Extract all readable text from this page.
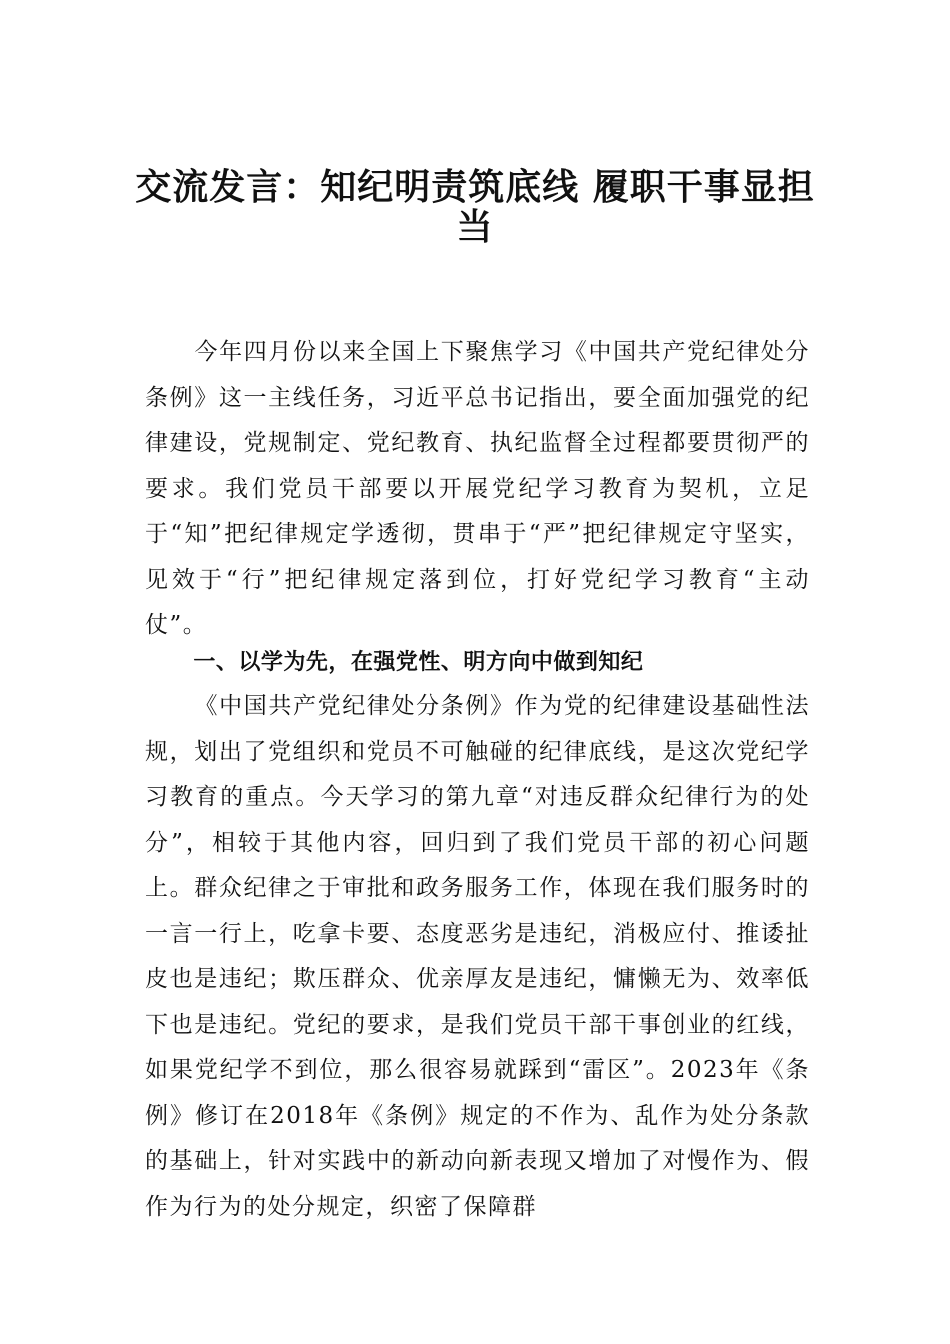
交流发言：知纪明责筑底线 履职干事显担
当

今年四月份以来全国上下聚焦学习《中国共产党纪律处分条例》这一主线任务，习近平总书记指出，要全面加强党的纪律建设，党规制定、党纪教育、执纪监督全过程都要贯彻严的要求。我们党员干部要以开展党纪学习教育为契机，立足于“知”把纪律规定学透彻，贯串于“严”把纪律规定守坚实，见效于“行”把纪律规定落到位，打好党纪学习教育“主动仗”。

一、以学为先，在强党性、明方向中做到知纪

《中国共产党纪律处分条例》作为党的纪律建设基础性法规，划出了党组织和党员不可触碰的纪律底线，是这次党纪学习教育的重点。今天学习的第九章“对违反群众纪律行为的处分”，相较于其他内容，回归到了我们党员干部的初心问题上。群众纪律之于审批和政务服务工作，体现在我们服务时的一言一行上，吃拿卡要、态度恶劣是违纪，消极应付、推诿扯皮也是违纪；欺压群众、优亲厚友是违纪，慵懒无为、效率低下也是违纪。党纪的要求，是我们党员干部干事创业的红线，如果党纪学不到位，那么很容易就踩到“雷区”。2023年《条例》修订在2018年《条例》规定的不作为、乱作为处分条款的基础上，针对实践中的新动向新表现又增加了对慢作为、假作为行为的处分规定，织密了保障群
